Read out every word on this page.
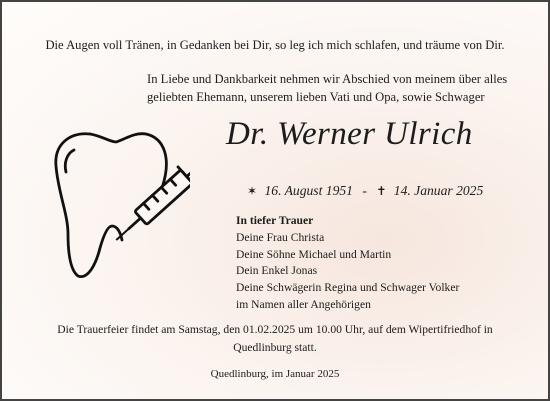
Die Augen voll Tränen, in Gedanken bei Dir, so leg ich mich schlafen, und träume von Dir.
In Liebe und Dankbarkeit nehmen wir Abschied von meinem über alles
geliebten Ehemann, unserem lieben Vati und Opa, sowie Schwager
Dr. Werner Ulrich
✶ 16. August 1951 - ✝ 14. Januar 2025
In tiefer Trauer
Deine Frau Christa
Deine Söhne Michael und Martin
Dein Enkel Jonas
Deine Schwägerin Regina und Schwager Volker
im Namen aller Angehörigen
Die Trauerfeier findet am Samstag, den 01.02.2025 um 10.00 Uhr, auf dem Wipertifriedhof in
Quedlinburg statt.
Quedlinburg, im Januar 2025
